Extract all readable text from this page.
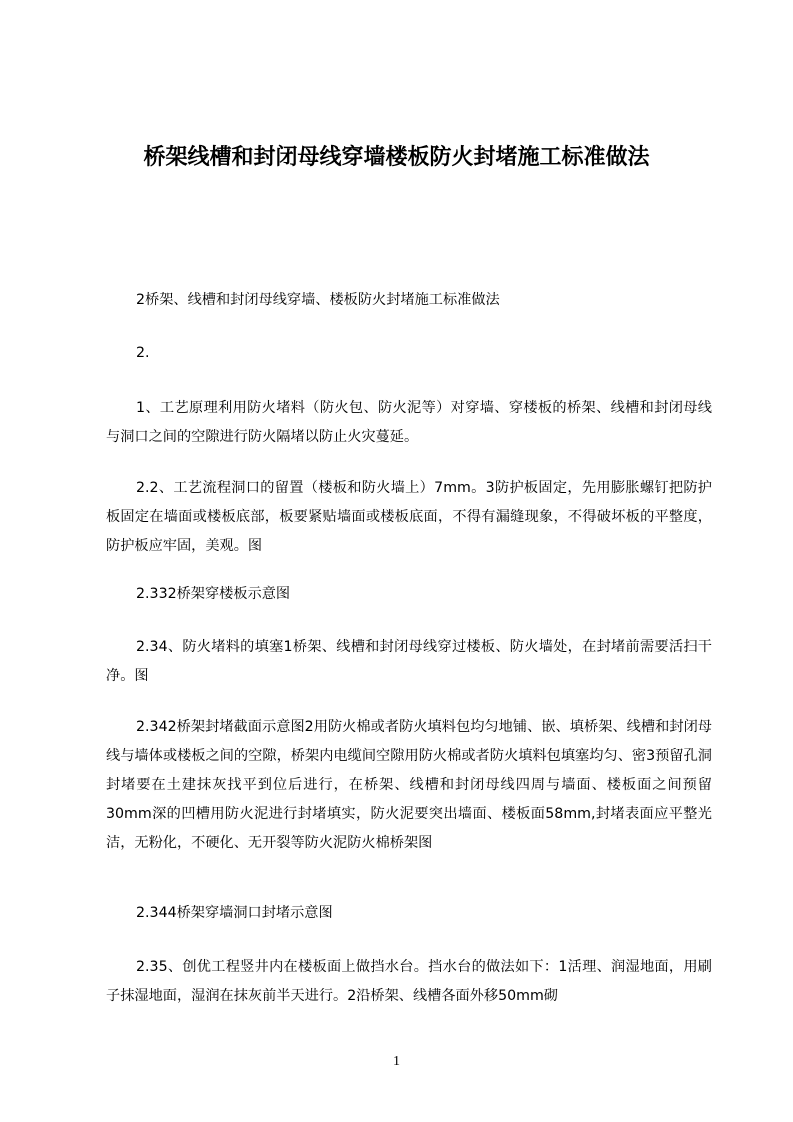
桥架线槽和封闭母线穿墙楼板防火封堵施工标准做法

2桥架、线槽和封闭母线穿墙、楼板防火封堵施工标准做法

2.

1、工艺原理利用防火堵料（防火包、防火泥等）对穿墙、穿楼板的桥架、线槽和封闭母线与洞口之间的空隙进行防火隔堵以防止火灾蔓延。

2.2、工艺流程洞口的留置（楼板和防火墙上）7mm。3防护板固定，先用膨胀螺钉把防护板固定在墙面或楼板底部，板要紧贴墙面或楼板底面，不得有漏缝现象，不得破坏板的平整度，防护板应牢固，美观。图

2.332桥架穿楼板示意图

2.34、防火堵料的填塞1桥架、线槽和封闭母线穿过楼板、防火墙处，在封堵前需要活扫干净。图

2.342桥架封堵截面示意图2用防火棉或者防火填料包均匀地铺、嵌、填桥架、线槽和封闭母线与墙体或楼板之间的空隙，桥架内电缆间空隙用防火棉或者防火填料包填塞均匀、密3预留孔洞封堵要在土建抹灰找平到位后进行，在桥架、线槽和封闭母线四周与墙面、楼板面之间预留30mm深的凹槽用防火泥进行封堵填实，防火泥要突出墙面、楼板面58mm,封堵表面应平整光洁，无粉化，不硬化、无开裂等防火泥防火棉桥架图

2.344桥架穿墙洞口封堵示意图

2.35、创优工程竖井内在楼板面上做挡水台。挡水台的做法如下：1活理、润湿地面，用刷子抹湿地面，湿润在抹灰前半天进行。2沿桥架、线槽各面外移50mm砌

1
